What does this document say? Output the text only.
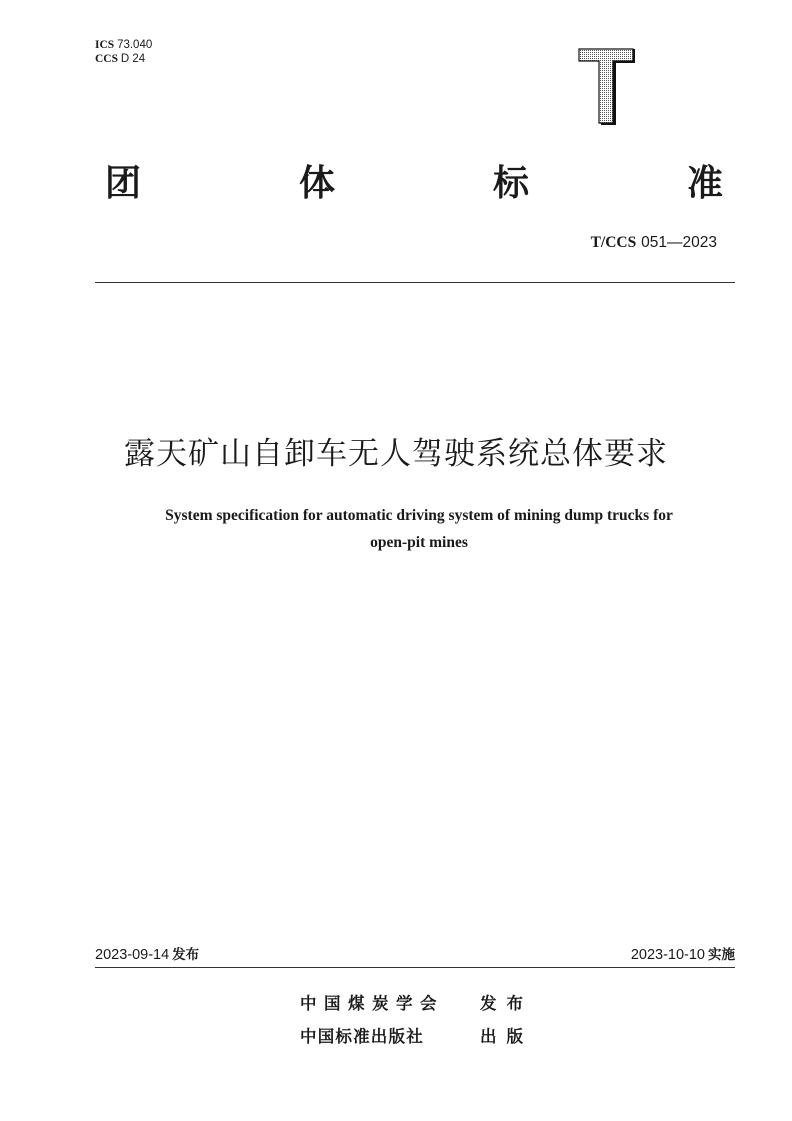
ICS 73.040
CCS D 24
团	体	标	准
T/CCS 051—2023
露天矿山自卸车无人驾驶系统总体要求
System specification for automatic driving system of mining dump trucks for
open-pit mines
2023-09-14 发布	2023-10-10 实施
中国煤炭学会	发布
中国标准出版社	出版
